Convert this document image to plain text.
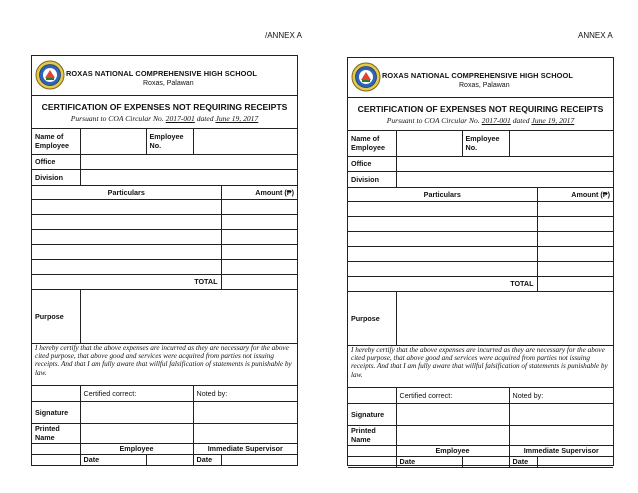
/ANNEX A	ANNEX A
ROXAS NATIONAL COMPREHENSIVE HIGH SCHOOL
Roxas, Palawan
CERTIFICATION OF EXPENSES NOT REQUIRING RECEIPTS
Pursuant to COA Circular No. 2017-001 dated June 19, 2017
Name of Employee		Employee No.		
Office				
Division				
Particulars				Amount (₱)

TOTAL				
Purpose				
I hereby certify that the above expenses are incurred as they are necessary for the above cited purpose, that above good and services were acquired from parties not issuing receipts. And that I am fully aware that willful falsification of statements is punishable by law.				
	Certified correct:		Noted by:	
Signature				
Printed Name				
	Employee		Immediate Supervisor	
	Date		Date	
ROXAS NATIONAL COMPREHENSIVE HIGH SCHOOL
Roxas, Palawan
CERTIFICATION OF EXPENSES NOT REQUIRING RECEIPTS
Pursuant to COA Circular No. 2017-001 dated June 19, 2017
Name of Employee		Employee No.		
Office				
Division				
Particulars				Amount (₱)

TOTAL				
Purpose				
I hereby certify that the above expenses are incurred as they are necessary for the above cited purpose, that above good and services were acquired from parties not issuing receipts. And that I am fully aware that willful falsification of statements is punishable by law.				
	Certified correct:		Noted by:	
Signature				
Printed Name				
	Employee		Immediate Supervisor	
	Date		Date	
